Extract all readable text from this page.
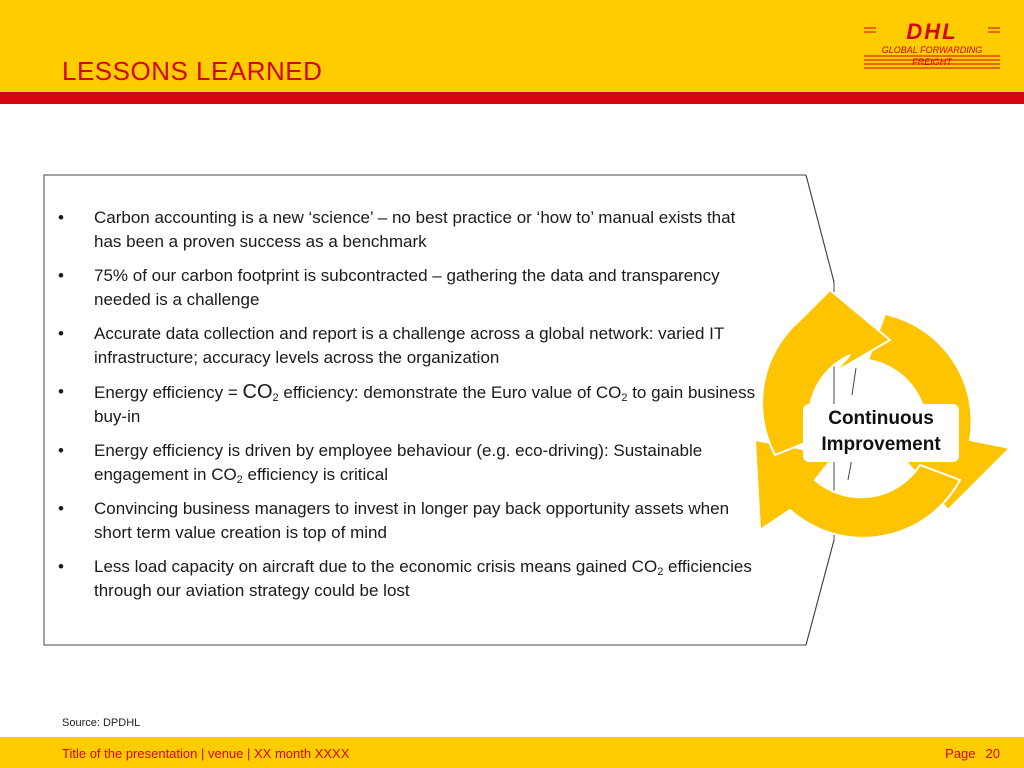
LESSONS LEARNED
DHL
GLOBAL FORWARDING
FREIGHT
• Carbon accounting is a new ‘science’ – no best practice or ‘how to’ manual exists that has been a proven success as a benchmark
• 75% of our carbon footprint is subcontracted – gathering the data and transparency needed is a challenge
• Accurate data collection and report is a challenge across a global network: varied IT infrastructure; accuracy levels across the organization
• Energy efficiency = $CO_2$ efficiency: demonstrate the Euro value of $CO_2$ to gain business buy-in
• Energy efficiency is driven by employee behaviour (e.g. eco-driving): Sustainable engagement in $CO_2$ efficiency is critical
• Convincing business managers to invest in longer pay back opportunity assets when short term value creation is top of mind
• Less load capacity on aircraft due to the economic crisis means gained $CO_2$ efficiencies through our aviation strategy could be lost
Continuous
Improvement
Source: DPDHL
Title of the presentation | venue | XX month XXXX	Page 20
